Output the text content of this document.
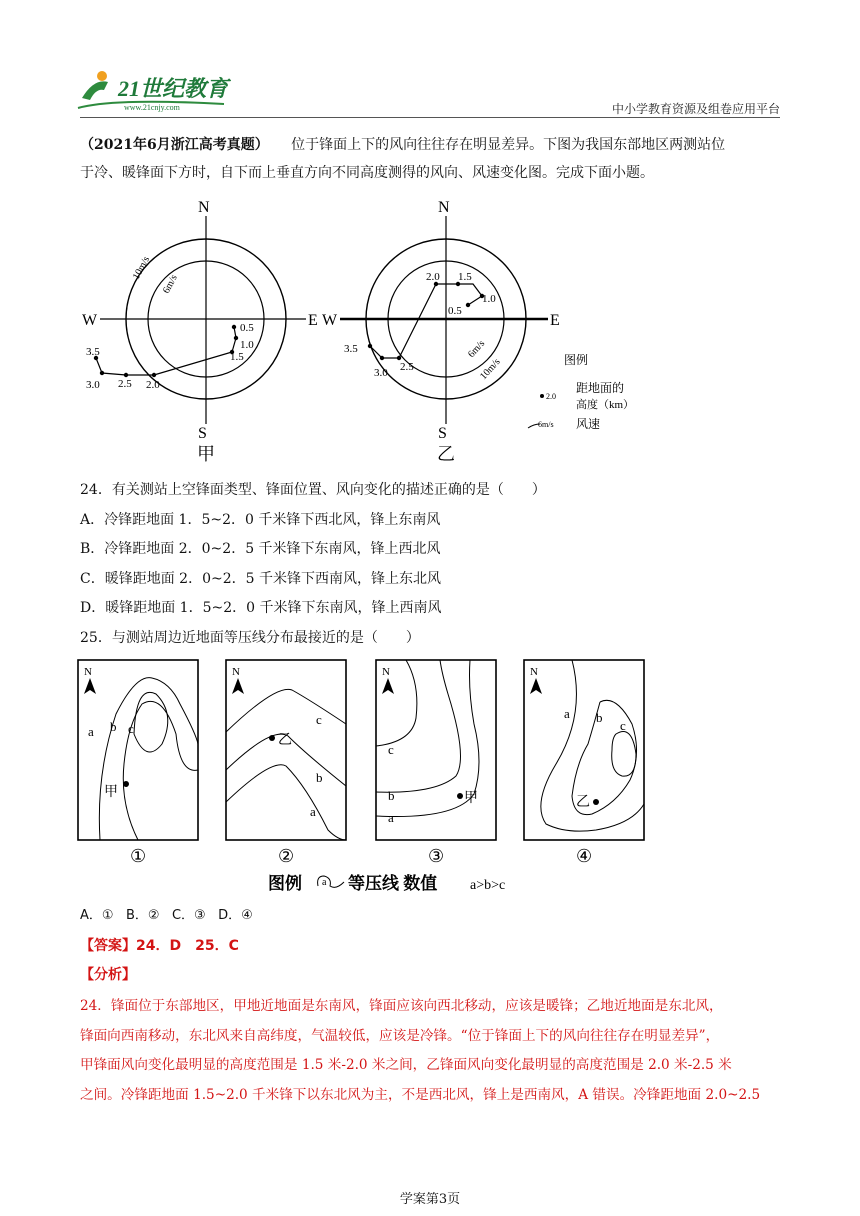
21世纪教育
www.21cnjy.com	中小学教育资源及组卷应用平台
（2021年6月浙江高考真题） 位于锋面上下的风向往往存在明显差异。下图为我国东部地区两测站位
于冷、暖锋面下方时，自下而上垂直方向不同高度测得的风向、风速变化图。完成下面小题。
N
S
W	E
10m/s
6m/s
0.5
1.0
1.5
2.0
2.5
3.0
3.5
甲
N
S
W	E
10m/s
6m/s
0.5
1.0
1.5
2.0
2.5
3.0
3.5
乙
图例
2.0
距地面的
高度（km）
6m/s 风速
24．有关测站上空锋面类型、锋面位置、风向变化的描述正确的是（　　）
A．冷锋距地面 1．5~2．0 千米锋下西北风，锋上东南风
B．冷锋距地面 2．0~2．5 千米锋下东南风，锋上西北风
C．暖锋距地面 2．0~2．5 千米锋下西南风，锋上东北风
D．暖锋距地面 1．5~2．0 千米锋下东南风，锋上西南风
25．与测站周边近地面等压线分布最接近的是（　　）
N
a b c
甲
①
N
c
b
a
乙
②
N
c
b
a
甲
③
N
a b
c
乙
④
图例 a 等压线 数值 a>b>c
A．① B．② C．③ D．④
【答案】24．D　25．C
【分析】
24．锋面位于东部地区，甲地近地面是东南风，锋面应该向西北移动，应该是暖锋；乙地近地面是东北风，
锋面向西南移动，东北风来自高纬度，气温较低，应该是冷锋。“位于锋面上下的风向往往存在明显差异”，
甲锋面风向变化最明显的高度范围是 1.5 米-2.0 米之间，乙锋面风向变化最明显的高度范围是 2.0 米-2.5 米
之间。冷锋距地面 1.5~2.0 千米锋下以东北风为主，不是西北风，锋上是西南风，A 错误。冷锋距地面 2.0~2.5
学案第3页
